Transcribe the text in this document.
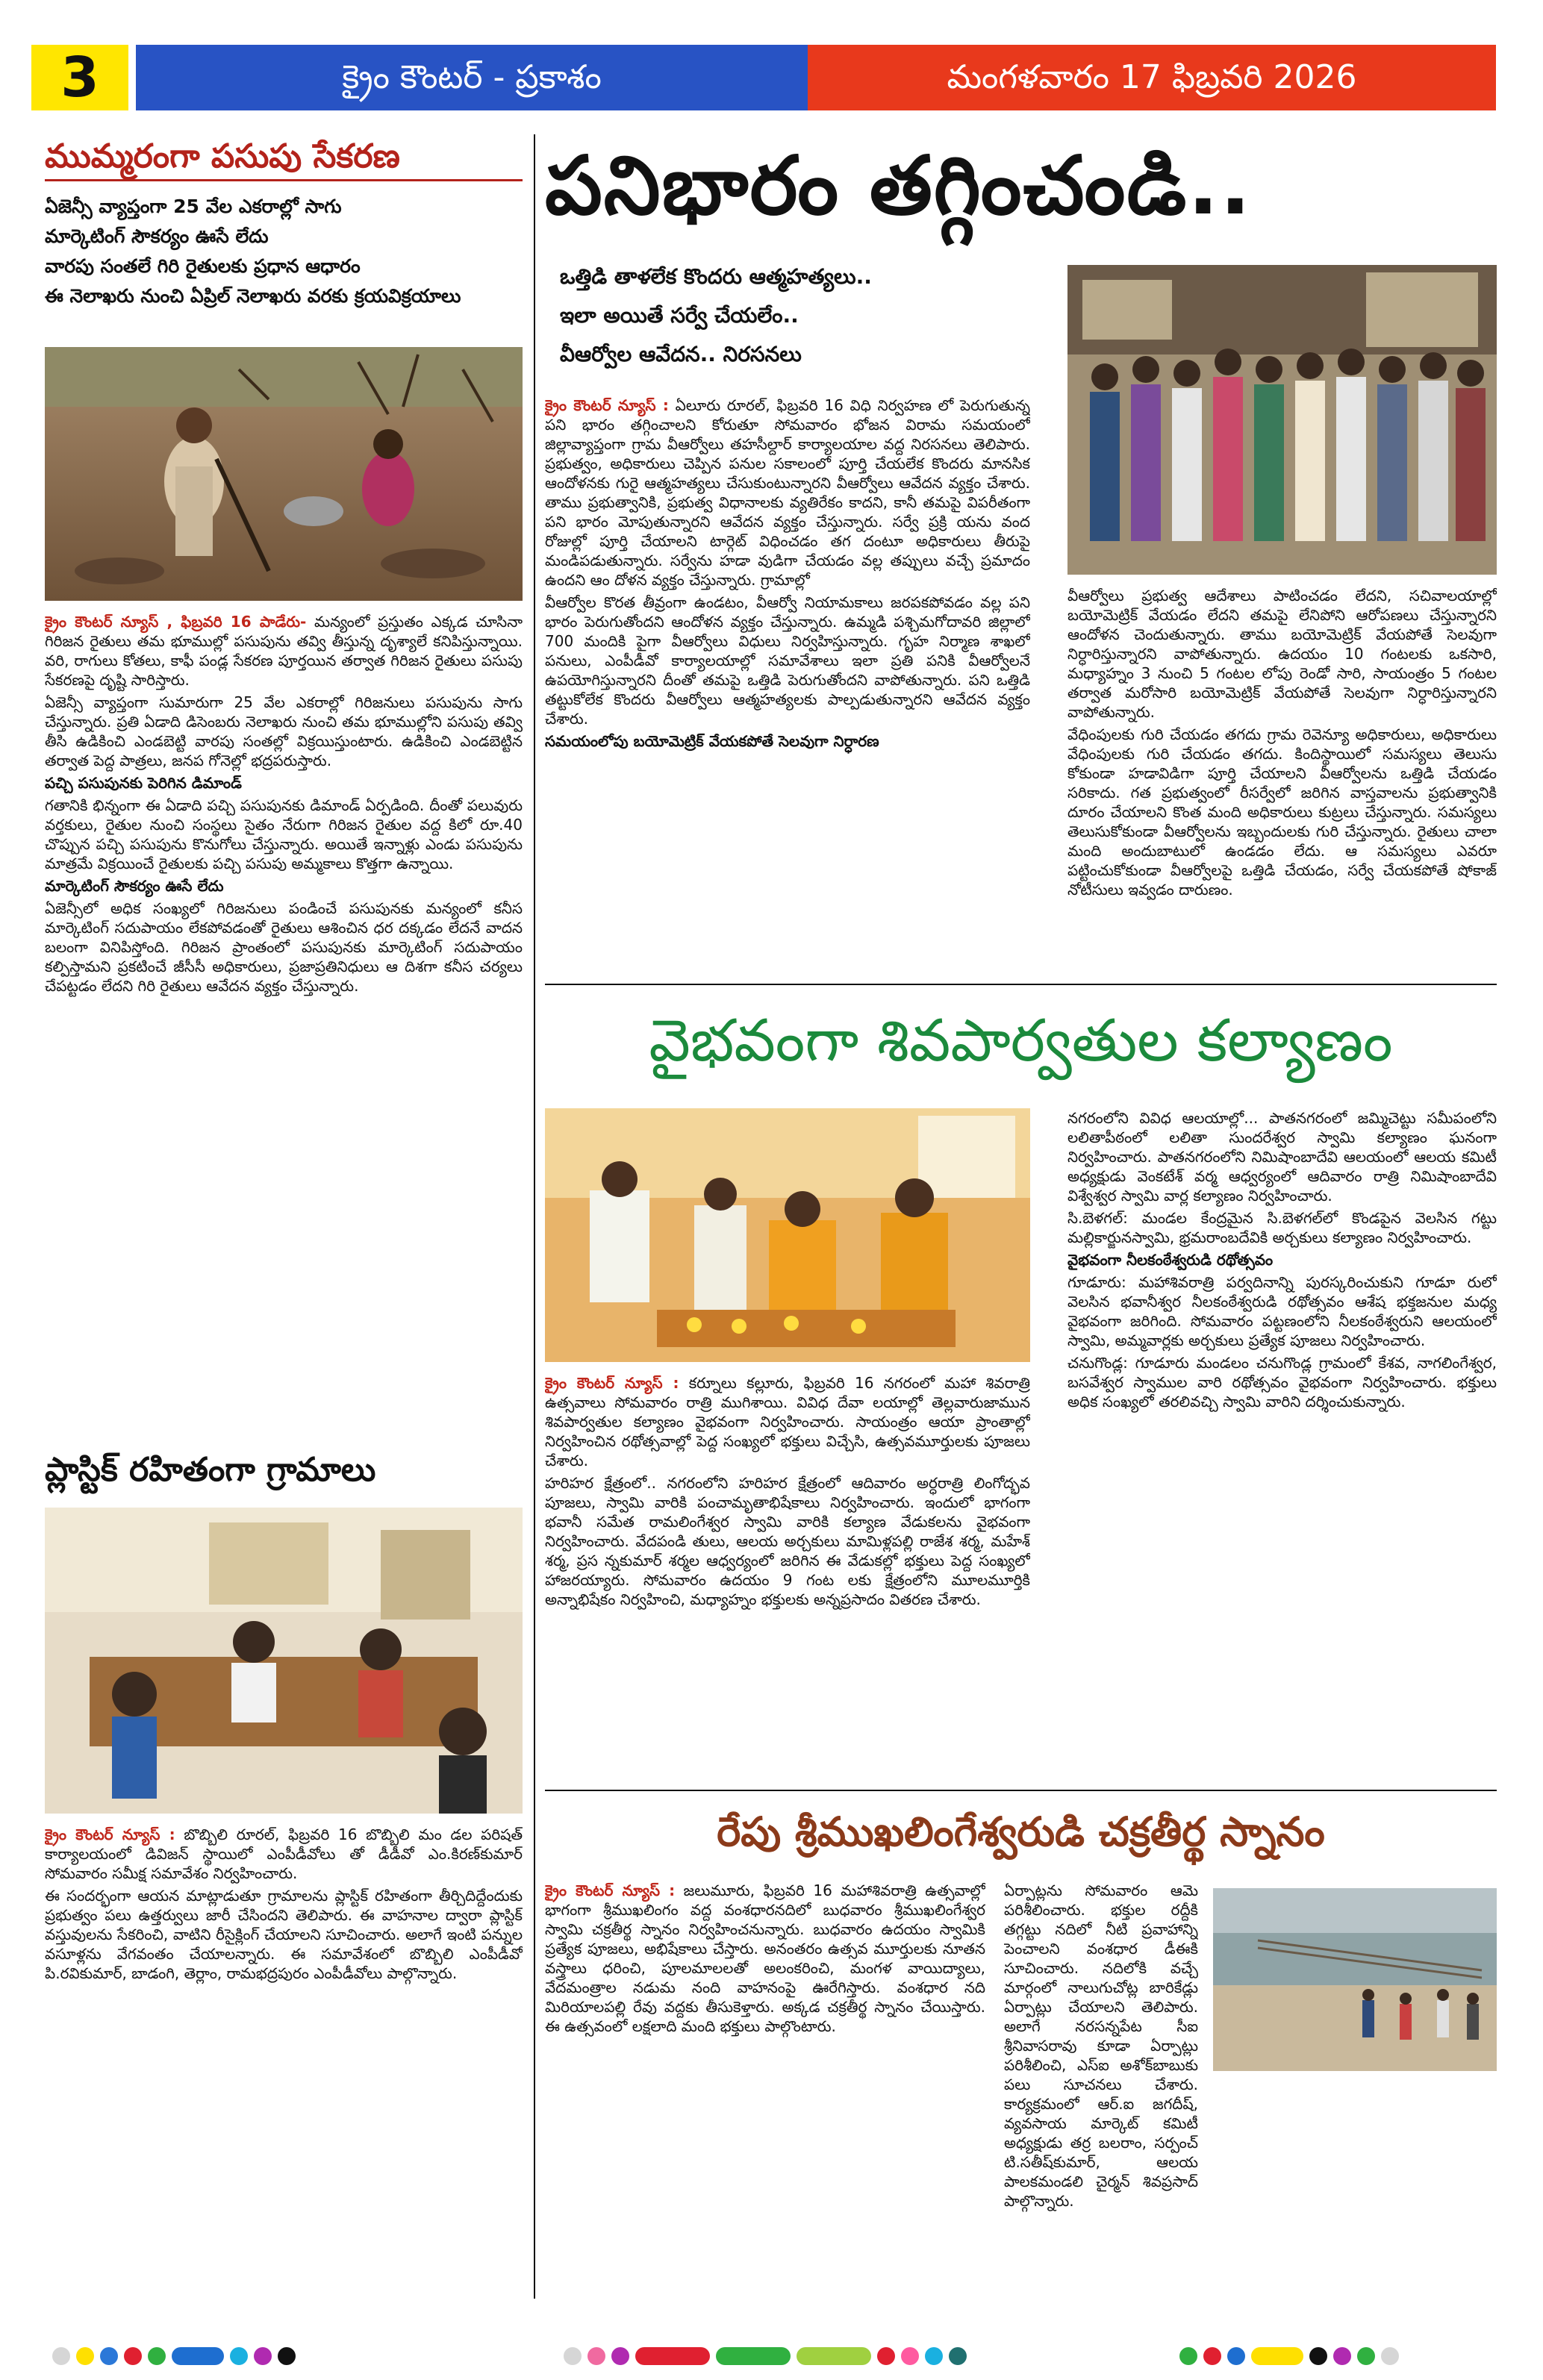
3	క్రైం కౌంటర్ - ప్రకాశం	మంగళవారం 17 ఫిబ్రవరి 2026
ముమ్మరంగా పసుపు సేకరణ
ఏజెన్సీ వ్యాప్తంగా 25 వేల ఎకరాల్లో సాగు
మార్కెటింగ్ సౌకర్యం ఊసే లేదు
వారపు సంతలే గిరి రైతులకు ప్రధాన ఆధారం
ఈ నెలాఖరు నుంచి ఏప్రిల్ నెలాఖరు వరకు క్రయవిక్రయాలు

క్రైం కౌంటర్ న్యూస్ , ఫిబ్రవరి 16 పాడేరు- మన్యంలో ప్రస్తుతం ఎక్కడ చూసినా గిరిజన రైతులు తమ భూముల్లో పసుపును తవ్వి తీస్తున్న దృశ్యాలే కనిపిస్తున్నాయి. వరి, రాగులు కోతలు, కాఫీ పండ్ల సేకరణ పూర్తయిన తర్వాత గిరిజన రైతులు పసుపు సేకరణపై దృష్టి సారిస్తారు.

ఏజెన్సీ వ్యాప్తంగా సుమారుగా 25 వేల ఎకరాల్లో గిరిజనులు పసుపును సాగు చేస్తున్నారు. ప్రతి ఏడాది డిసెంబరు నెలాఖరు నుంచి తమ భూముల్లోని పసుపు తవ్వి తీసి ఉడికించి ఎండబెట్టి వారపు సంతల్లో విక్రయిస్తుంటారు. ఉడికించి ఎండబెట్టిన తర్వాత పెద్ద పాత్రలు, జనప గోనెల్లో భద్రపరుస్తారు.

పచ్చి పసుపునకు పెరిగిన డిమాండ్

గతానికి భిన్నంగా ఈ ఏడాది పచ్చి పసుపునకు డిమాండ్ ఏర్పడింది. దీంతో పలువురు వర్తకులు, రైతుల నుంచి సంస్థలు సైతం నేరుగా గిరిజన రైతుల వద్ద కిలో రూ.40 చొప్పున పచ్చి పసుపును కొనుగోలు చేస్తున్నారు. అయితే ఇన్నాళ్లు ఎండు పసుపును మాత్రమే విక్రయించే రైతులకు పచ్చి పసుపు అమ్మకాలు కొత్తగా ఉన్నాయి.

మార్కెటింగ్ సౌకర్యం ఊసే లేదు

ఏజెన్సీలో అధిక సంఖ్యలో గిరిజనులు పండించే పసుపునకు మన్యంలో కనీస మార్కెటింగ్ సదుపాయం లేకపోవడంతో రైతులు ఆశించిన ధర దక్కడం లేదనే వాదన బలంగా వినిపిస్తోంది. గిరిజన ప్రాంతంలో పసుపునకు మార్కెటింగ్ సదుపాయం కల్పిస్తామని ప్రకటించే జీసీసీ అధికారులు, ప్రజాప్రతినిధులు ఆ దిశగా కనీస చర్యలు చేపట్టడం లేదని గిరి రైతులు ఆవేదన వ్యక్తం చేస్తున్నారు.

ప్లాస్టిక్ రహితంగా గ్రామాలు

క్రైం కౌంటర్ న్యూస్ : బొబ్బిలి రూరల్, ఫిబ్రవరి 16 బొబ్బిలి మం డల పరిషత్ కార్యాలయంలో డివిజన్ స్థాయిలో ఎంపీడీవోలు తో డీడీవో ఎం.కిరణ్‌కుమార్ సోమవారం సమీక్ష సమావేశం నిర్వహించారు.

ఈ సందర్భంగా ఆయన మాట్లాడుతూ గ్రామాలను ప్లాస్టిక్ రహితంగా తీర్చిదిద్దేందుకు ప్రభుత్వం పలు ఉత్తర్వులు జారీ చేసిందని తెలిపారు. ఈ వాహనాల ద్వారా ప్లాస్టిక్ వస్తువులను సేకరించి, వాటిని రీసైక్లింగ్ చేయాలని సూచించారు. అలాగే ఇంటి పన్నుల వసూళ్లను వేగవంతం చేయాలన్నారు. ఈ సమావేశంలో బొబ్బిలి ఎంపీడీవో పి.రవికుమార్, బాడంగి, తెర్లాం, రామభద్రపురం ఎంపీడీవోలు పాల్గొన్నారు.

పనిభారం తగ్గించండి..
ఒత్తిడి తాళలేక కొందరు ఆత్మహత్యలు..
ఇలా అయితే సర్వే చేయలేం..
వీఆర్వోల ఆవేదన.. నిరసనలు

క్రైం కౌంటర్ న్యూస్ : ఏలూరు రూరల్, ఫిబ్రవరి 16 విధి నిర్వహణ లో పెరుగుతున్న పని భారం తగ్గించాలని కోరుతూ సోమవారం భోజన విరామ సమయంలో జిల్లావ్యాప్తంగా గ్రామ వీఆర్వోలు తహసీల్దార్ కార్యాలయాల వద్ద నిరసనలు తెలిపారు. ప్రభుత్వం, అధికారులు చెప్పిన పనుల సకాలంలో పూర్తి చేయలేక కొందరు మానసిక ఆందోళనకు గురై ఆత్మహత్యలు చేసుకుంటున్నారని వీఆర్వోలు ఆవేదన వ్యక్తం చేశారు. తాము ప్రభుత్వానికి, ప్రభుత్వ విధానాలకు వ్యతిరేకం కాదని, కానీ తమపై విపరీతంగా పని భారం మోపుతున్నారని ఆవేదన వ్యక్తం చేస్తున్నారు. సర్వే ప్రక్రి యను వంద రోజుల్లో పూర్తి చేయాలని టార్గెట్ విధించడం తగ దంటూ అధికారులు తీరుపై మండిపడుతున్నారు. సర్వేను హడా వుడిగా చేయడం వల్ల తప్పులు వచ్చే ప్రమాదం ఉందని ఆం దోళన వ్యక్తం చేస్తున్నారు. గ్రామాల్లో

వీఆర్వోల కొరత తీవ్రంగా ఉండటం, వీఆర్వో నియామకాలు జరపకపోవడం వల్ల పని భారం పెరుగుతోందని ఆందోళన వ్యక్తం చేస్తున్నారు. ఉమ్మడి పశ్చిమగోదావరి జిల్లాలో 700 మందికి పైగా వీఆర్వోలు విధులు నిర్వహిస్తున్నారు. గృహ నిర్మాణ శాఖలో పనులు, ఎంపీడీవో కార్యాలయాల్లో సమావేశాలు ఇలా ప్రతి పనికి వీఆర్వోలనే ఉపయోగిస్తున్నారని దీంతో తమపై ఒత్తిడి పెరుగుతోందని వాపోతున్నారు. పని ఒత్తిడి తట్టుకోలేక కొందరు వీఆర్వోలు ఆత్మహత్యలకు పాల్పడుతున్నారని ఆవేదన వ్యక్తం చేశారు.

సమయంలోపు బయోమెట్రిక్ వేయకపోతే సెలవుగా నిర్ధారణ

వీఆర్వోలు ప్రభుత్వ ఆదేశాలు పాటించడం లేదని, సచివాలయాల్లో బయోమెట్రిక్ వేయడం లేదని తమపై లేనిపోని ఆరోపణలు చేస్తున్నారని ఆందోళన చెందుతున్నారు. తాము బయోమెట్రిక్ వేయపోతే సెలవుగా నిర్ధారిస్తున్నారని వాపోతున్నారు. ఉదయం 10 గంటలకు ఒకసారి, మధ్యాహ్నం 3 నుంచి 5 గంటల లోపు రెండో సారి, సాయంత్రం 5 గంటల తర్వాత మరోసారి బయోమెట్రిక్ వేయపోతే సెలవుగా నిర్ధారిస్తున్నారని వాపోతున్నారు.

వేధింపులకు గురి చేయడం తగదు గ్రామ రెవెన్యూ అధికారులు, అధికారులు వేధింపులకు గురి చేయడం తగదు. కిందిస్థాయిలో సమస్యలు తెలుసు కోకుండా హడావిడిగా పూర్తి చేయాలని వీఆర్వోలను ఒత్తిడి చేయడం సరికాదు. గత ప్రభుత్వంలో రీసర్వేలో జరిగిన వాస్తవాలను ప్రభుత్వానికి దూరం చేయాలని కొంత మంది అధికారులు కుట్రలు చేస్తున్నారు. సమస్యలు తెలుసుకోకుండా వీఆర్వోలను ఇబ్బందులకు గురి చేస్తున్నారు. రైతులు చాలా మంది అందుబాటులో ఉండడం లేదు. ఆ సమస్యలు ఎవరూ పట్టించుకోకుండా వీఆర్వోలపై ఒత్తిడి చేయడం, సర్వే చేయకపోతే షోకాజ్ నోటీసులు ఇవ్వడం దారుణం.

వైభవంగా శివపార్వతుల కల్యాణం

క్రైం కౌంటర్ న్యూస్ : కర్నూలు కల్లూరు, ఫిబ్రవరి 16 నగరంలో మహా శివరాత్రి ఉత్సవాలు సోమవారం రాత్రి ముగిశాయి. వివిధ దేవా లయాల్లో తెల్లవారుజామున శివపార్వతుల కల్యాణం వైభవంగా నిర్వహించారు. సాయంత్రం ఆయా ప్రాంతాల్లో నిర్వహించిన రథోత్సవాల్లో పెద్ద సంఖ్యలో భక్తులు విచ్చేసి, ఉత్సవమూర్తులకు పూజలు చేశారు.

హరిహర క్షేత్రంలో.. నగరంలోని హరిహర క్షేత్రంలో ఆదివారం అర్ధరాత్రి లింగోద్భవ పూజలు, స్వామి వారికి పంచామృతాభిషేకాలు నిర్వహించారు. ఇందులో భాగంగా భవానీ సమేత రామలింగేశ్వర స్వామి వారికి కల్యాణ వేడుకలను వైభవంగా నిర్వహించారు. వేదపండి తులు, ఆలయ అర్చకులు మామిళ్లపల్లి రాజేశ శర్మ, మహేశ్ శర్మ, ప్రస న్నకుమార్ శర్మల ఆధ్వర్యంలో జరిగిన ఈ వేడుకల్లో భక్తులు పెద్ద సంఖ్యలో హాజరయ్యారు. సోమవారం ఉదయం 9 గంట లకు క్షేత్రంలోని మూలమూర్తికి అన్నాభిషేకం నిర్వహించి, మధ్యాహ్నం భక్తులకు అన్నప్రసాదం వితరణ చేశారు.

నగరంలోని వివిధ ఆలయాల్లో... పాతనగరంలో జమ్మిచెట్టు సమీపంలోని లలితాపీఠంలో లలితా సుందరేశ్వర స్వామి కల్యాణం ఘనంగా నిర్వహించారు. పాతనగరంలోని నిమిషాంబాదేవి ఆలయంలో ఆలయ కమిటీ అధ్యక్షుడు వెంకటేశ్ వర్మ ఆధ్వర్యంలో ఆదివారం రాత్రి నిమిషాంబాదేవి విశ్వేశ్వర స్వామి వార్ల కల్యాణం నిర్వహించారు.

సి.బెళగల్: మండల కేంద్రమైన సి.బెళగల్‌లో కొండపైన వెలసిన గట్టు మల్లికార్జునస్వామి, భ్రమరాంబదేవికి అర్చకులు కల్యాణం నిర్వహించారు.

వైభవంగా నీలకంఠేశ్వరుడి రథోత్సవం

గూడూరు: మహాశివరాత్రి పర్వదినాన్ని పురస్కరించుకుని గూడూ రులో వెలసిన భవానీశ్వర నీలకంఠేశ్వరుడి రథోత్సవం ఆశేష భక్తజనుల మధ్య వైభవంగా జరిగింది. సోమవారం పట్టణంలోని నీలకంఠేశ్వరుని ఆలయంలో స్వామి, అమ్మవార్లకు అర్చకులు ప్రత్యేక పూజలు నిర్వహించారు.

చనుగొండ్ల: గూడూరు మండలం చనుగొండ్ల గ్రామంలో కేశవ, నాగలింగేశ్వర, బసవేశ్వర స్వాముల వారి రథోత్సవం వైభవంగా నిర్వహించారు. భక్తులు అధిక సంఖ్యలో తరలివచ్చి స్వామి వారిని దర్శించుకున్నారు.

రేపు శ్రీముఖలింగేశ్వరుడి చక్రతీర్థ స్నానం

క్రైం కౌంటర్ న్యూస్ : జలుమూరు, ఫిబ్రవరి 16 మహాశివరాత్రి ఉత్సవాల్లో భాగంగా శ్రీముఖలింగం వద్ద వంశధారనదిలో బుధవారం శ్రీముఖలింగేశ్వర స్వామి చక్రతీర్థ స్నానం నిర్వహించనున్నారు. బుధవారం ఉదయం స్వామికి ప్రత్యేక పూజలు, అభిషేకాలు చేస్తారు. అనంతరం ఉత్సవ మూర్తులకు నూతన వస్త్రాలు ధరించి, పూలమాలలతో అలంకరించి, మంగళ వాయిద్యాలు, వేదమంత్రాల నడుమ నంది వాహనంపై ఊరేగిస్తారు. వంశధార నది మిరియాలపల్లి రేవు వద్దకు తీసుకెళ్తారు. అక్కడ చక్రతీర్థ స్నానం చేయిస్తారు. ఈ ఉత్సవంలో లక్షలాది మంది భక్తులు పాల్గొంటారు.

ఏర్పాట్లను సోమవారం ఆమె పరిశీలించారు. భక్తుల రద్దీకి తగ్గట్టు నదిలో నీటి ప్రవాహాన్ని పెంచాలని వంశధార డీఈకి సూచించారు. నదిలోకి వచ్చే మార్గంలో నాలుగుచోట్ల బారికేడ్లు ఏర్పాట్లు చేయాలని తెలిపారు. అలాగే నరసన్నపేట సీఐ శ్రీనివాసరావు కూడా ఏర్పాట్లు పరిశీలించి, ఎస్‌ఐ అశోక్‌బాబుకు పలు సూచనలు చేశారు. కార్యక్రమంలో ఆర్.ఐ జగదీష్, వ్యవసాయ మార్కెట్ కమిటీ అధ్యక్షుడు తర్ర బలరాం, సర్పంచ్ టి.సతీష్‌కుమార్, ఆలయ పాలకమండలి చైర్మన్ శివప్రసాద్ పాల్గొన్నారు.
